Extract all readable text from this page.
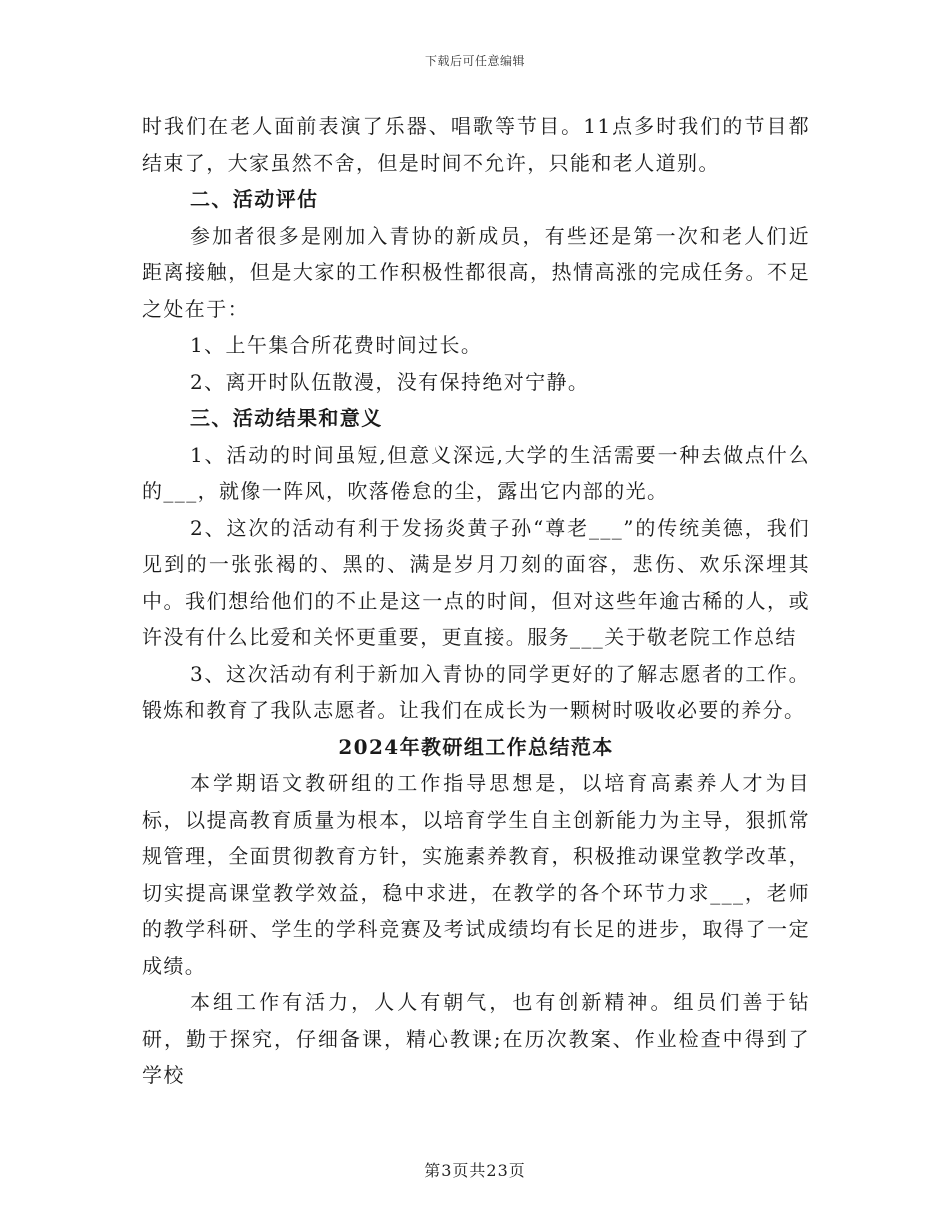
下载后可任意编辑

时我们在老人面前表演了乐器、唱歌等节目。11点多时我们的节目都结束了，大家虽然不舍，但是时间不允许，只能和老人道别。

二、活动评估

参加者很多是刚加入青协的新成员，有些还是第一次和老人们近距离接触，但是大家的工作积极性都很高，热情高涨的完成任务。不足之处在于：

1、上午集合所花费时间过长。

2、离开时队伍散漫，没有保持绝对宁静。

三、活动结果和意义

1、活动的时间虽短,但意义深远,大学的生活需要一种去做点什么的___，就像一阵风，吹落倦怠的尘，露出它内部的光。

2、这次的活动有利于发扬炎黄子孙“尊老___”的传统美德，我们见到的一张张褐的、黑的、满是岁月刀刻的面容，悲伤、欢乐深埋其中。我们想给他们的不止是这一点的时间，但对这些年逾古稀的人，或许没有什么比爱和关怀更重要，更直接。服务___关于敬老院工作总结

3、这次活动有利于新加入青协的同学更好的了解志愿者的工作。锻炼和教育了我队志愿者。让我们在成长为一颗树时吸收必要的养分。

2024年教研组工作总结范本

本学期语文教研组的工作指导思想是，以培育高素养人才为目标，以提高教育质量为根本，以培育学生自主创新能力为主导，狠抓常规管理，全面贯彻教育方针，实施素养教育，积极推动课堂教学改革，切实提高课堂教学效益，稳中求进，在教学的各个环节力求___，老师的教学科研、学生的学科竞赛及考试成绩均有长足的进步，取得了一定成绩。

本组工作有活力，人人有朝气，也有创新精神。组员们善于钻研，勤于探究，仔细备课，精心教课;在历次教案、作业检查中得到了学校

第3页共23页
